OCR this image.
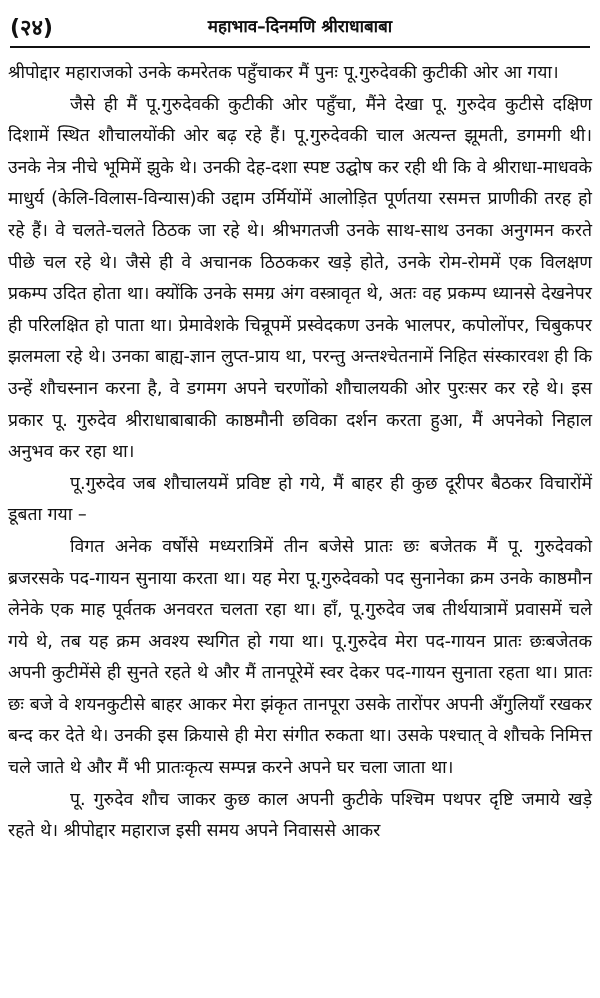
(२४)	महाभाव–दिनमणि श्रीराधाबाबा

श्रीपोद्दार महाराजको उनके कमरेतक पहुँचाकर मैं पुनः पू.गुरुदेवकी कुटीकी ओर आ गया।

जैसे ही मैं पू.गुरुदेवकी कुटीकी ओर पहुँचा, मैंने देखा पू. गुरुदेव कुटीसे दक्षिण दिशामें स्थित शौचालयोंकी ओर बढ़ रहे हैं। पू.गुरुदेवकी चाल अत्यन्त झूमती, डगमगी थी। उनके नेत्र नीचे भूमिमें झुके थे। उनकी देह-दशा स्पष्ट उद्घोष कर रही थी कि वे श्रीराधा-माधवके माधुर्य (केलि-विलास-विन्यास)की उद्दाम उर्मियोंमें आलोड़ित पूर्णतया रसमत्त प्राणीकी तरह हो रहे हैं। वे चलते-चलते ठिठक जा रहे थे। श्रीभगतजी उनके साथ-साथ उनका अनुगमन करते पीछे चल रहे थे। जैसे ही वे अचानक ठिठककर खड़े होते, उनके रोम-रोममें एक विलक्षण प्रकम्प उदित होता था। क्योंकि उनके समग्र अंग वस्त्रावृत थे, अतः वह प्रकम्प ध्यानसे देखनेपर ही परिलक्षित हो पाता था। प्रेमावेशके चिन्रूपमें प्रस्वेदकण उनके भालपर, कपोलोंपर, चिबुकपर झलमला रहे थे। उनका बाह्य-ज्ञान लुप्त-प्राय था, परन्तु अन्तश्चेतनामें निहित संस्कारवश ही कि उन्हें शौचस्नान करना है, वे डगमग अपने चरणोंको शौचालयकी ओर पुरःसर कर रहे थे। इस प्रकार पू. गुरुदेव श्रीराधाबाबाकी काष्ठमौनी छविका दर्शन करता हुआ, मैं अपनेको निहाल अनुभव कर रहा था।

पू.गुरुदेव जब शौचालयमें प्रविष्ट हो गये, मैं बाहर ही कुछ दूरीपर बैठकर विचारोंमें डूबता गया –

विगत अनेक वर्षोंसे मध्यरात्रिमें तीन बजेसे प्रातः छः बजेतक मैं पू. गुरुदेवको ब्रजरसके पद-गायन सुनाया करता था। यह मेरा पू.गुरुदेवको पद सुनानेका क्रम उनके काष्ठमौन लेनेके एक माह पूर्वतक अनवरत चलता रहा था। हाँ, पू.गुरुदेव जब तीर्थयात्रामें प्रवासमें चले गये थे, तब यह क्रम अवश्य स्थगित हो गया था। पू.गुरुदेव मेरा पद-गायन प्रातः छःबजेतक अपनी कुटीमेंसे ही सुनते रहते थे और मैं तानपूरेमें स्वर देकर पद-गायन सुनाता रहता था। प्रातः छः बजे वे शयनकुटीसे बाहर आकर मेरा झंकृत तानपूरा उसके तारोंपर अपनी अँगुलियाँ रखकर बन्द कर देते थे। उनकी इस क्रियासे ही मेरा संगीत रुकता था। उसके पश्चात् वे शौचके निमित्त चले जाते थे और मैं भी प्रातःकृत्य सम्पन्न करने अपने घर चला जाता था।

पू. गुरुदेव शौच जाकर कुछ काल अपनी कुटीके पश्चिम पथपर दृष्टि जमाये खड़े रहते थे। श्रीपोद्दार महाराज इसी समय अपने निवाससे आकर
